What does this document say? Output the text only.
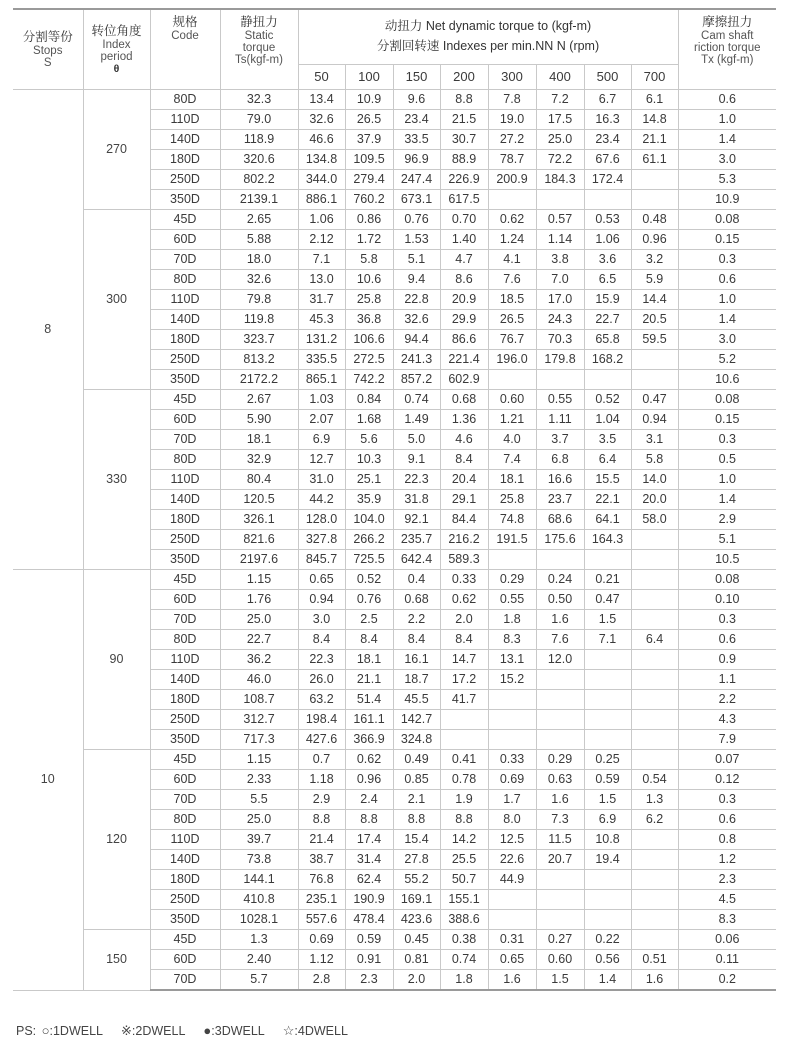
分割等份
Stops
S	转位角度
Index
period
θ	规格
Code	静扭力
Static
torque
Ts(kgf-m)	动扭力 Net dynamic torque to (kgf-m)
分割回转速 Indexes per min.NN N (rpm)								摩擦扭力
Cam shaft
riction torque
Tx (kgf-m)

				50	100	150	200	300	400	500	700	
8	270	80D	32.3	13.4	10.9	9.6	8.8	7.8	7.2	6.7	6.1	0.6
		110D	79.0	32.6	26.5	23.4	21.5	19.0	17.5	16.3	14.8	1.0
		140D	118.9	46.6	37.9	33.5	30.7	27.2	25.0	23.4	21.1	1.4
		180D	320.6	134.8	109.5	96.9	88.9	78.7	72.2	67.6	61.1	3.0
		250D	802.2	344.0	279.4	247.4	226.9	200.9	184.3	172.4		5.3
		350D	2139.1	886.1	760.2	673.1	617.5					10.9
	300	45D	2.65	1.06	0.86	0.76	0.70	0.62	0.57	0.53	0.48	0.08
		60D	5.88	2.12	1.72	1.53	1.40	1.24	1.14	1.06	0.96	0.15
		70D	18.0	7.1	5.8	5.1	4.7	4.1	3.8	3.6	3.2	0.3
		80D	32.6	13.0	10.6	9.4	8.6	7.6	7.0	6.5	5.9	0.6
		110D	79.8	31.7	25.8	22.8	20.9	18.5	17.0	15.9	14.4	1.0
		140D	119.8	45.3	36.8	32.6	29.9	26.5	24.3	22.7	20.5	1.4
		180D	323.7	131.2	106.6	94.4	86.6	76.7	70.3	65.8	59.5	3.0
		250D	813.2	335.5	272.5	241.3	221.4	196.0	179.8	168.2		5.2
		350D	2172.2	865.1	742.2	857.2	602.9					10.6
	330	45D	2.67	1.03	0.84	0.74	0.68	0.60	0.55	0.52	0.47	0.08
		60D	5.90	2.07	1.68	1.49	1.36	1.21	1.11	1.04	0.94	0.15
		70D	18.1	6.9	5.6	5.0	4.6	4.0	3.7	3.5	3.1	0.3
		80D	32.9	12.7	10.3	9.1	8.4	7.4	6.8	6.4	5.8	0.5
		110D	80.4	31.0	25.1	22.3	20.4	18.1	16.6	15.5	14.0	1.0
		140D	120.5	44.2	35.9	31.8	29.1	25.8	23.7	22.1	20.0	1.4
		180D	326.1	128.0	104.0	92.1	84.4	74.8	68.6	64.1	58.0	2.9
		250D	821.6	327.8	266.2	235.7	216.2	191.5	175.6	164.3		5.1
		350D	2197.6	845.7	725.5	642.4	589.3					10.5
10	90	45D	1.15	0.65	0.52	0.4	0.33	0.29	0.24	0.21		0.08
		60D	1.76	0.94	0.76	0.68	0.62	0.55	0.50	0.47		0.10
		70D	25.0	3.0	2.5	2.2	2.0	1.8	1.6	1.5		0.3
		80D	22.7	8.4	8.4	8.4	8.4	8.3	7.6	7.1	6.4	0.6
		110D	36.2	22.3	18.1	16.1	14.7	13.1	12.0			0.9
		140D	46.0	26.0	21.1	18.7	17.2	15.2				1.1
		180D	108.7	63.2	51.4	45.5	41.7					2.2
		250D	312.7	198.4	161.1	142.7						4.3
		350D	717.3	427.6	366.9	324.8						7.9
	120	45D	1.15	0.7	0.62	0.49	0.41	0.33	0.29	0.25		0.07
		60D	2.33	1.18	0.96	0.85	0.78	0.69	0.63	0.59	0.54	0.12
		70D	5.5	2.9	2.4	2.1	1.9	1.7	1.6	1.5	1.3	0.3
		80D	25.0	8.8	8.8	8.8	8.8	8.0	7.3	6.9	6.2	0.6
		110D	39.7	21.4	17.4	15.4	14.2	12.5	11.5	10.8		0.8
		140D	73.8	38.7	31.4	27.8	25.5	22.6	20.7	19.4		1.2
		180D	144.1	76.8	62.4	55.2	50.7	44.9				2.3
		250D	410.8	235.1	190.9	169.1	155.1					4.5
		350D	1028.1	557.6	478.4	423.6	388.6					8.3
	150	45D	1.3	0.69	0.59	0.45	0.38	0.31	0.27	0.22		0.06
		60D	2.40	1.12	0.91	0.81	0.74	0.65	0.60	0.56	0.51	0.11
		70D	5.7	2.8	2.3	2.0	1.8	1.6	1.5	1.4	1.6	0.2
PS: ○:1DWELL ※:2DWELL ●:3DWELL ☆:4DWELL
